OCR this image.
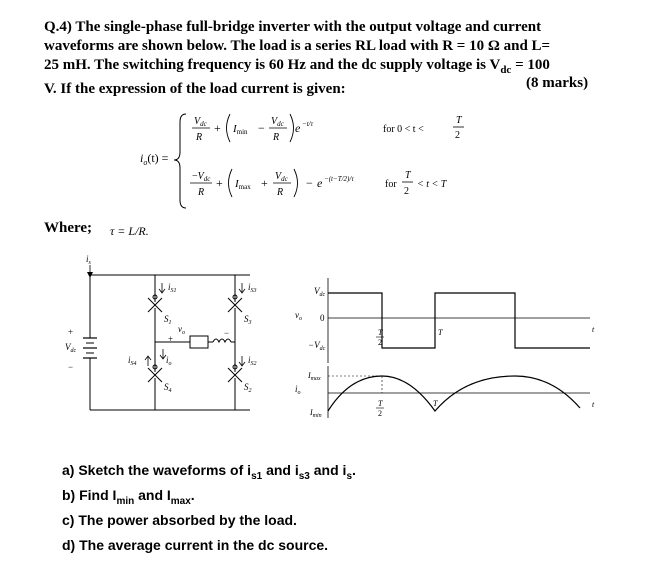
Q.4) The single-phase full-bridge inverter with the output voltage and current

waveforms are shown below. The load is a series RL load with R = 10 Ω and L=

25 mH. The switching frequency is 60 Hz and the dc supply voltage is $V_{dc} = 100$

V. If the expression of the load current is given:	(8 marks)
$i_o(t)$ =
$V_{dc}$
R
+ $Imin - V_{dc}$
R
e −t/τ	for 0 < t <
T
2
$-V_{dc}$
R
+ $Imax + V_{dc}$
R
− e −(t−T/2)/τ	for
T
2
< t < T
Where; τ = L/R.
$V_{dc}$
+
−
$i_s$
$S_1$	$S_3$
$S_4$	$S_2$
$i_{S1}$	$i_{S3}$
$i_{S4}$	$i_{S2}$
$v_o$
+
−
$i_o$
$v_o$ 0
$V_{dc}$
$-V_{dc}$
T
2
T	t
$i_o$
$I_{max}$
$I_{min}$
T
2
T	t
a) Sketch the waveforms of $i_{s1}$ and $i_{s3}$ and $i_s$.
b) Find $I_{min}$ and $I_{max}$.
c) The power absorbed by the load.
d) The average current in the dc source.
